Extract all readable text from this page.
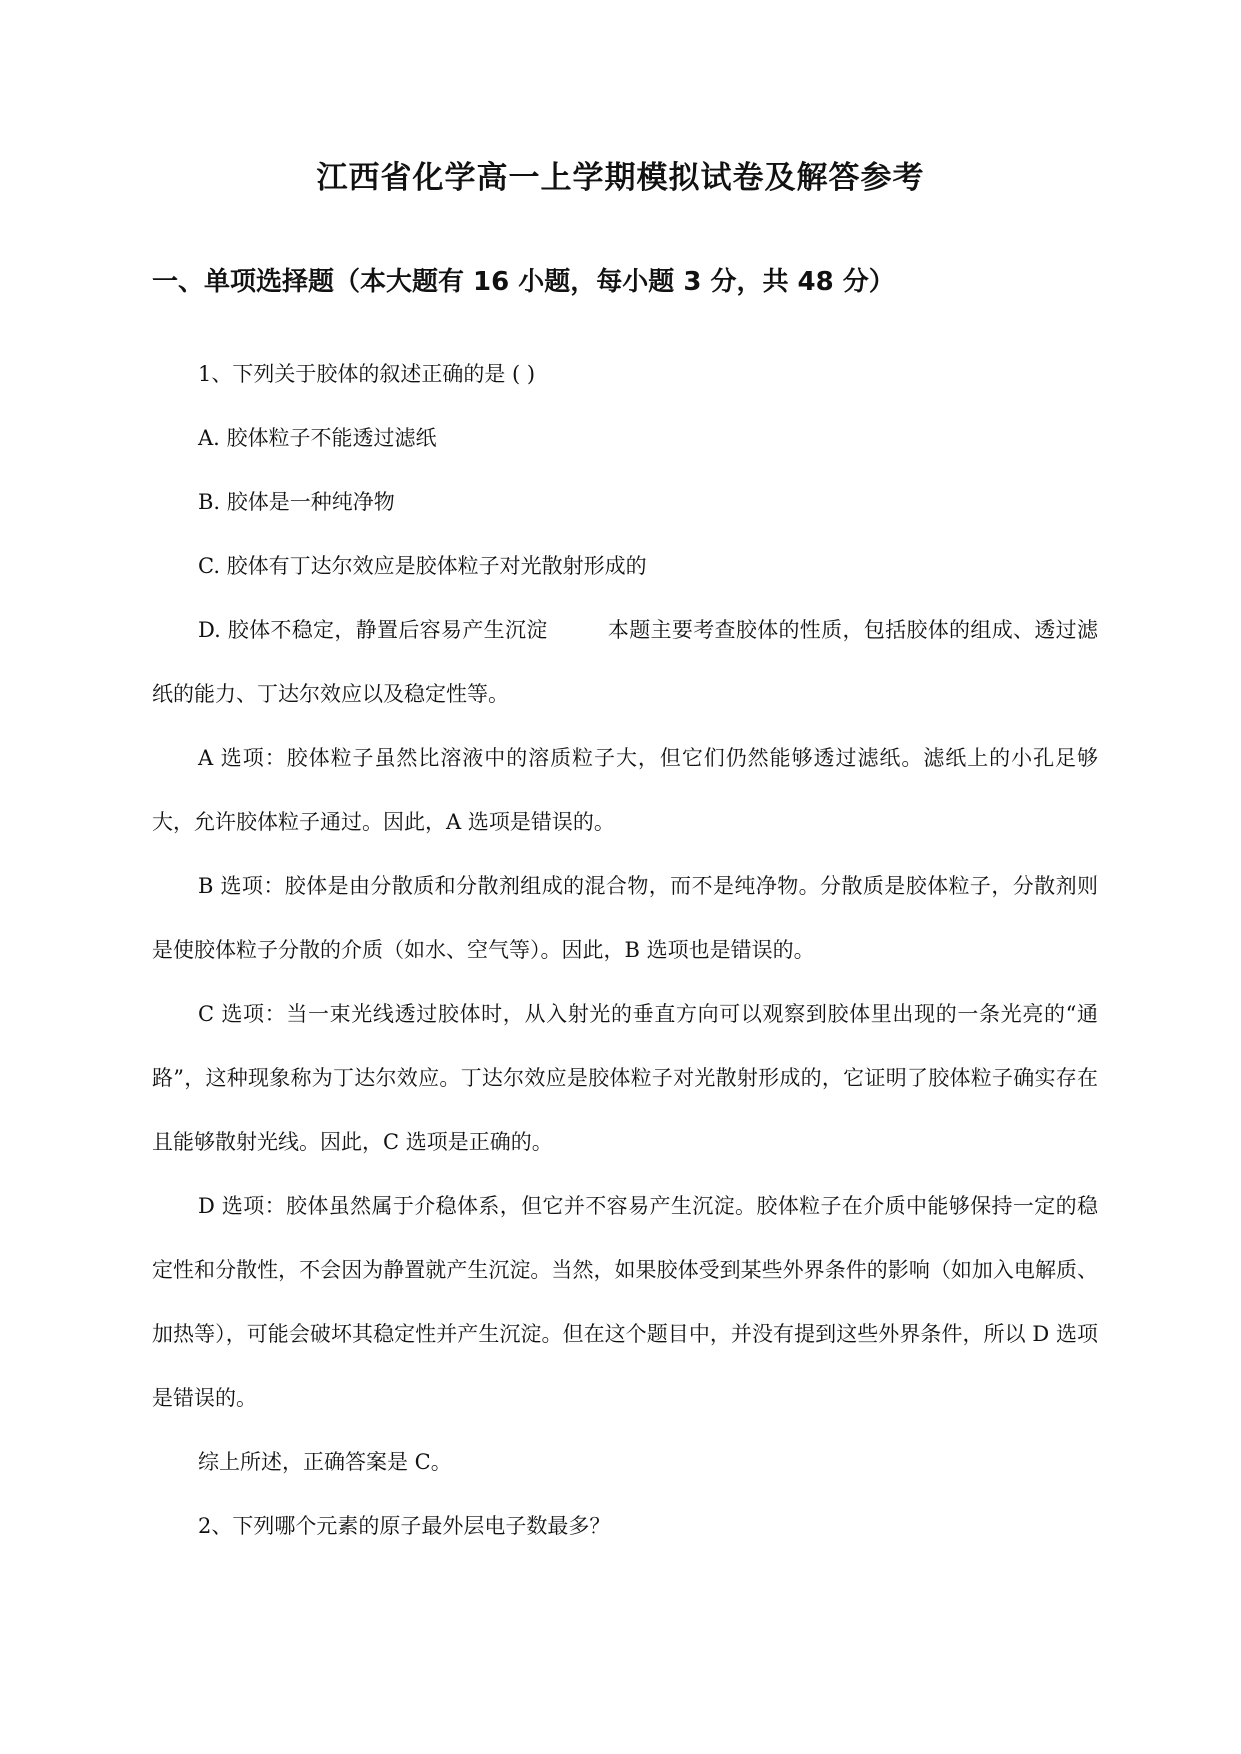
江西省化学高一上学期模拟试卷及解答参考
一、单项选择题（本大题有 16 小题，每小题 3 分，共 48 分）

1、下列关于胶体的叙述正确的是 ( )

A. 胶体粒子不能透过滤纸

B. 胶体是一种纯净物

C. 胶体有丁达尔效应是胶体粒子对光散射形成的

D. 胶体不稳定，静置后容易产生沉淀	本题主要考查胶体的性质，包括胶体的组成、透过滤纸的能力、丁达尔效应以及稳定性等。

A 选项：胶体粒子虽然比溶液中的溶质粒子大，但它们仍然能够透过滤纸。滤纸上的小孔足够大，允许胶体粒子通过。因此，A 选项是错误的。

B 选项：胶体是由分散质和分散剂组成的混合物，而不是纯净物。分散质是胶体粒子，分散剂则是使胶体粒子分散的介质（如水、空气等）。因此，B 选项也是错误的。

C 选项：当一束光线透过胶体时，从入射光的垂直方向可以观察到胶体里出现的一条光亮的“通路”，这种现象称为丁达尔效应。丁达尔效应是胶体粒子对光散射形成的，它证明了胶体粒子确实存在且能够散射光线。因此，C 选项是正确的。

D 选项：胶体虽然属于介稳体系，但它并不容易产生沉淀。胶体粒子在介质中能够保持一定的稳定性和分散性，不会因为静置就产生沉淀。当然，如果胶体受到某些外界条件的影响（如加入电解质、加热等），可能会破坏其稳定性并产生沉淀。但在这个题目中，并没有提到这些外界条件，所以 D 选项是错误的。

综上所述，正确答案是 C。

2、下列哪个元素的原子最外层电子数最多？
